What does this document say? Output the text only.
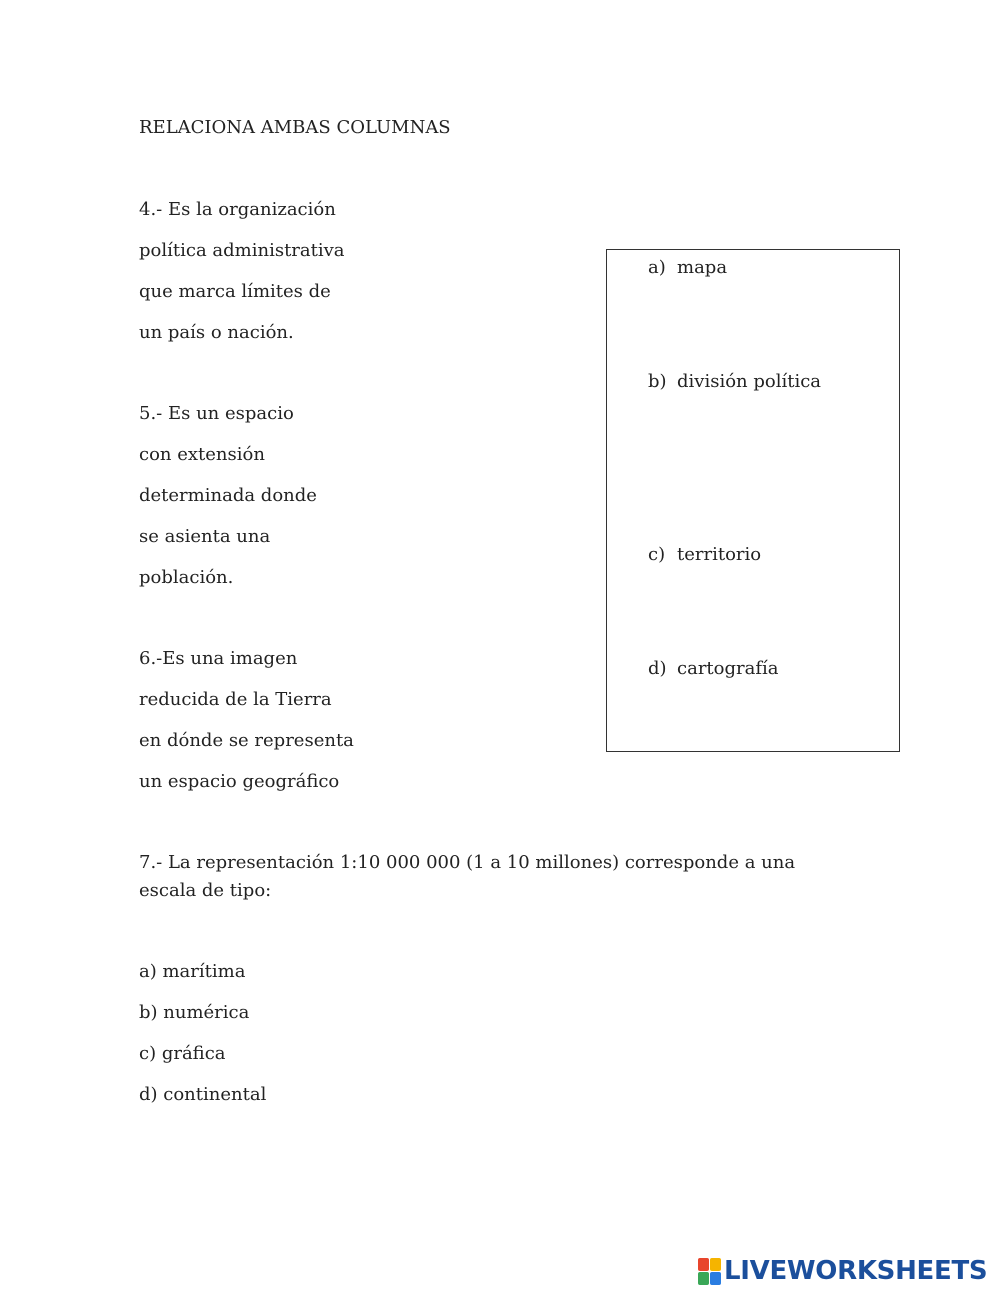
RELACIONA AMBAS COLUMNAS
4.- Es la organización
política administrativa
que marca límites de
un país o nación.
5.- Es un espacio
con extensión
determinada donde
se asienta una
población.
6.-Es una imagen
reducida de la Tierra
en dónde se representa
un espacio geográfico
a) mapa
b) división política
c) territorio
d) cartografía
7.- La representación 1:10 000 000 (1 a 10 millones) corresponde a una
escala de tipo:
a) marítima
b) numérica
c) gráfica
d) continental
LIVEWORKSHEETS
